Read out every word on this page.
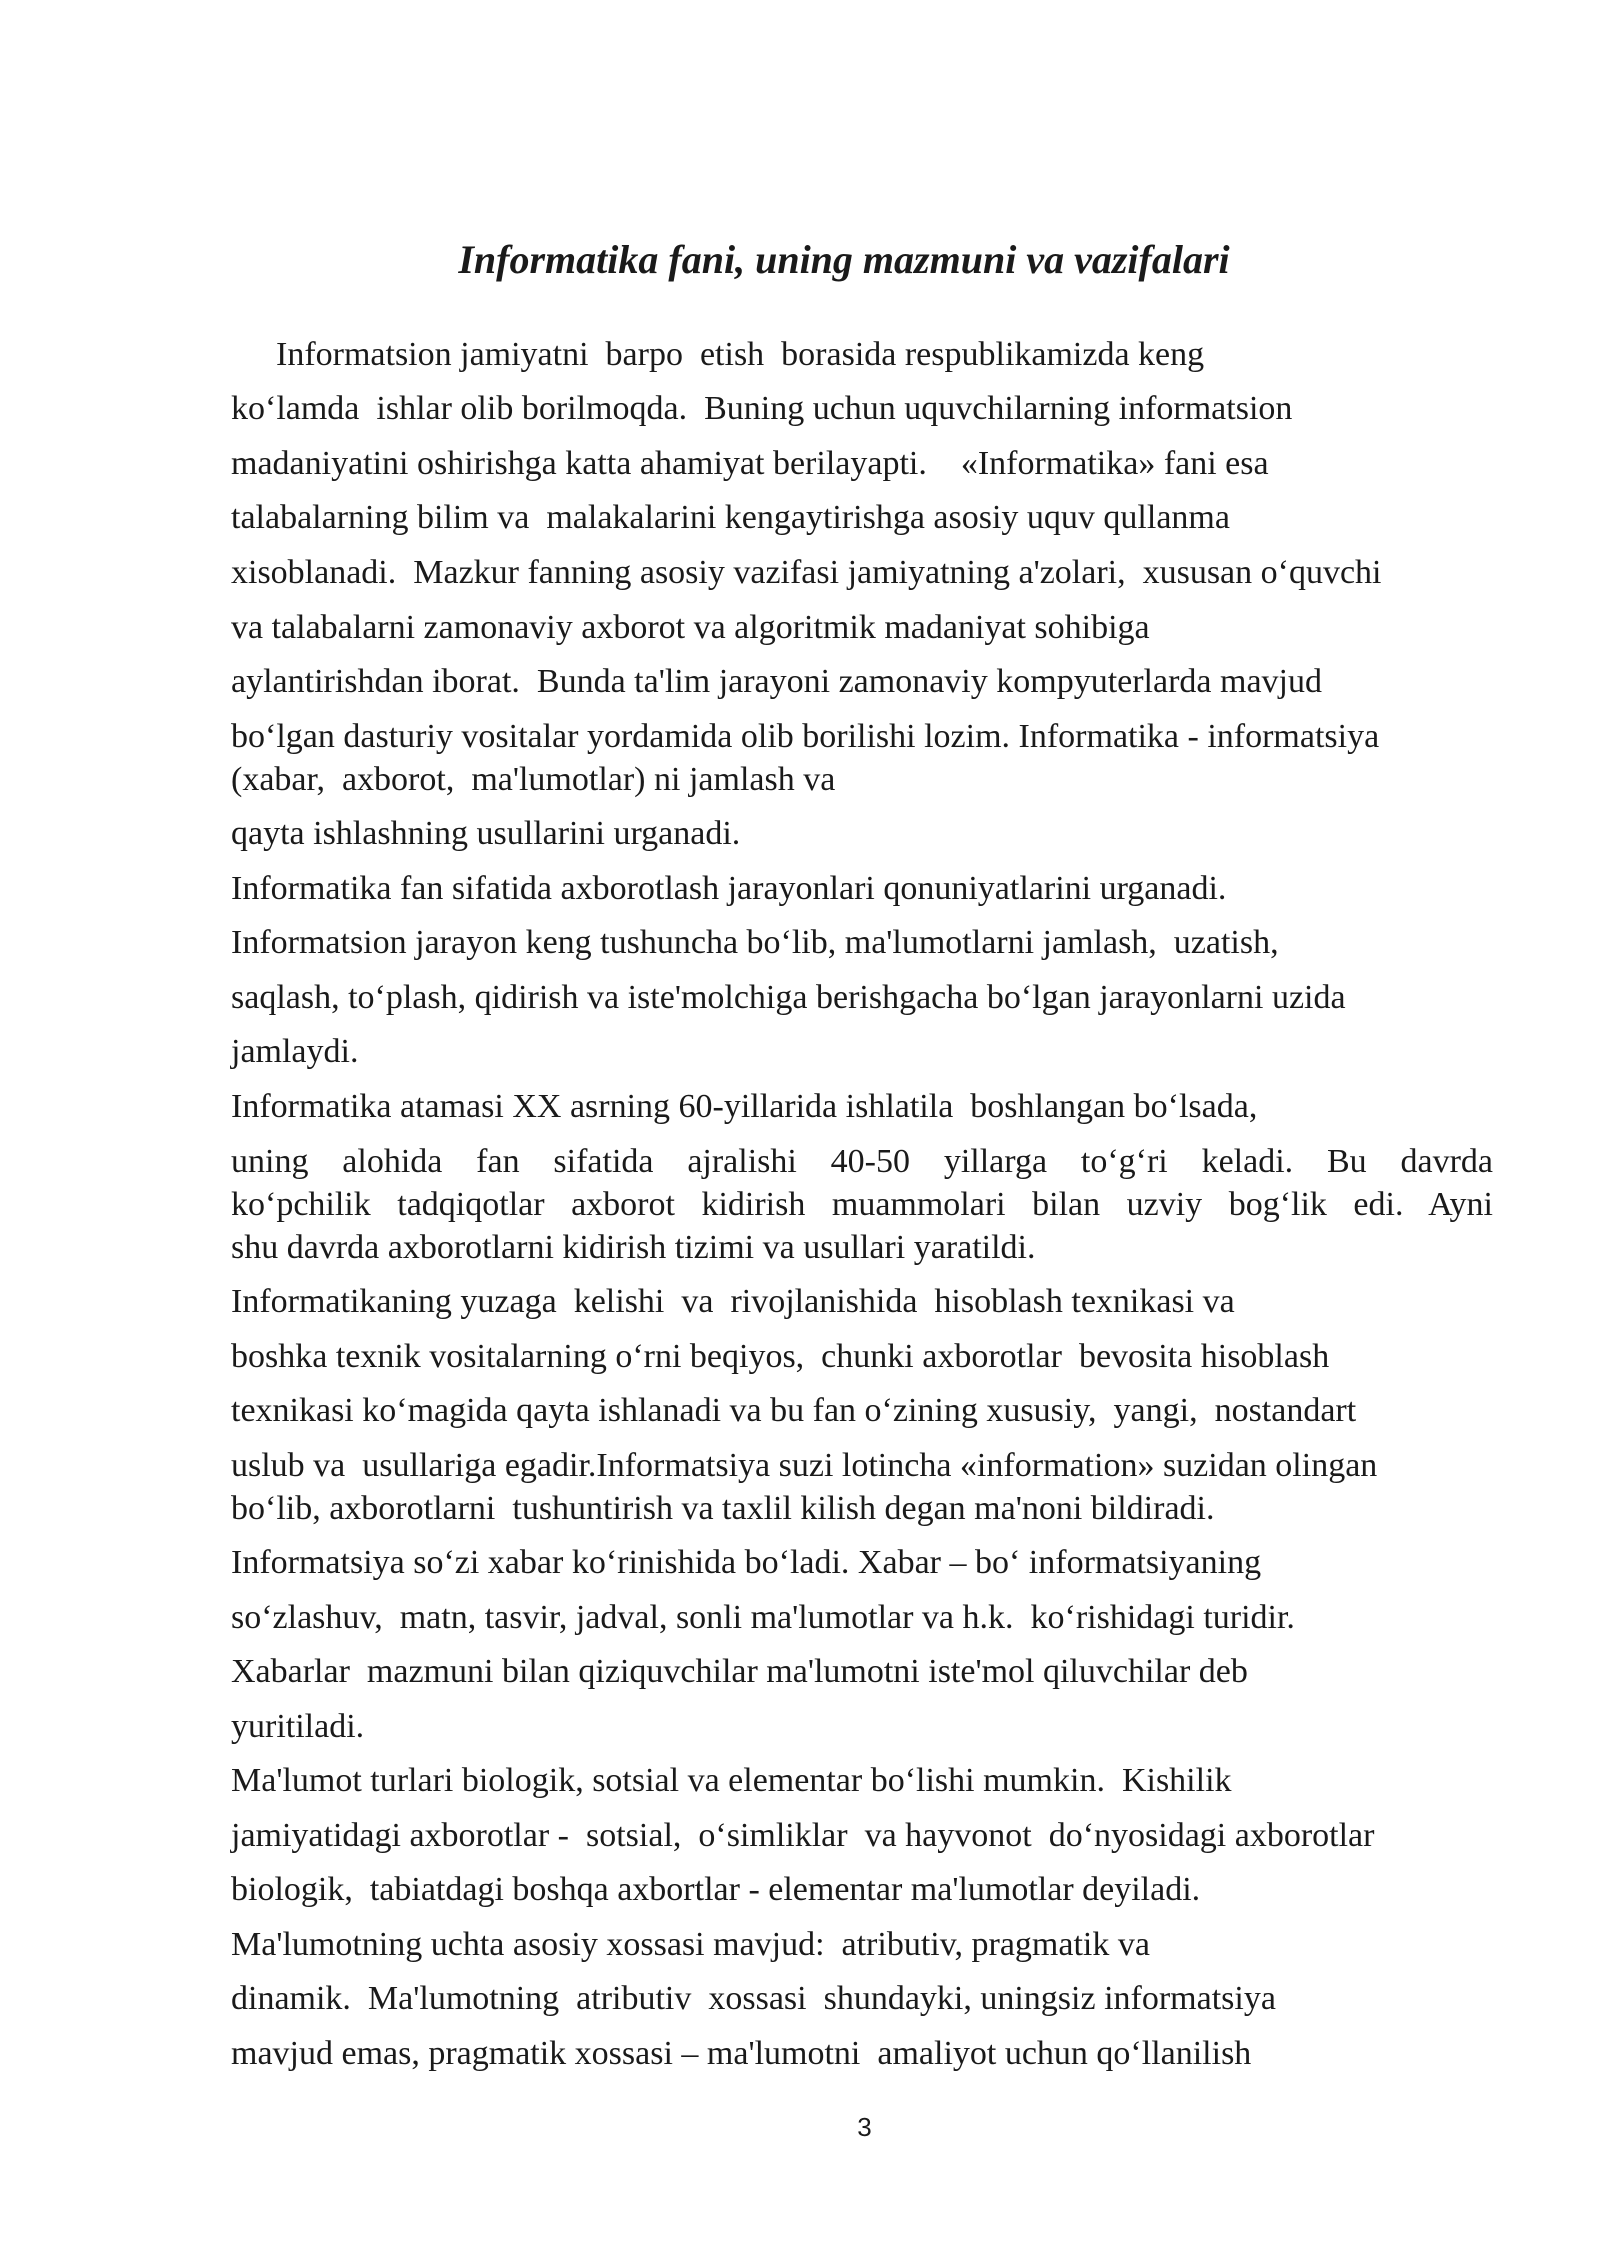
Informatika fani, uning mazmuni va vazifalari
Informatsion jamiyatni  barpo  etish  borasida respublikamizda keng
ko‘lamda  ishlar olib borilmoqda.  Buning uchun uquvchilarning informatsion
madaniyatini oshirishga katta ahamiyat berilayapti.    «Informatika» fani esa
talabalarning bilim va  malakalarini kengaytirishga asosiy uquv qullanma
xisoblanadi.  Mazkur fanning asosiy vazifasi jamiyatning a'zolari,  xususan o‘quvchi
va talabalarni zamonaviy axborot va algoritmik madaniyat sohibiga
aylantirishdan iborat.  Bunda ta'lim jarayoni zamonaviy kompyuterlarda mavjud
bo‘lgan dasturiy vositalar yordamida olib borilishi lozim. Informatika - informatsiya
(xabar,  axborot,  ma'lumotlar) ni jamlash va
qayta ishlashning usullarini urganadi.
Informatika fan sifatida axborotlash jarayonlari qonuniyatlarini urganadi.
Informatsion jarayon keng tushuncha bo‘lib, ma'lumotlarni jamlash,  uzatish,
saqlash, to‘plash, qidirish va iste'molchiga berishgacha bo‘lgan jarayonlarni uzida
jamlaydi.
Informatika atamasi XX asrning 60-yillarida ishlatila  boshlangan bo‘lsada,
uning alohida fan sifatida ajralishi 40-50 yillarga to‘g‘ri keladi. Bu davrda
ko‘pchilik tadqiqotlar axborot kidirish muammolari bilan uzviy bog‘lik edi. Ayni
shu davrda axborotlarni kidirish tizimi va usullari yaratildi.
Informatikaning yuzaga  kelishi  va  rivojlanishida  hisoblash texnikasi va
boshka texnik vositalarning o‘rni beqiyos,  chunki axborotlar  bevosita hisoblash
texnikasi ko‘magida qayta ishlanadi va bu fan o‘zining xususiy,  yangi,  nostandart
uslub va  usullariga egadir.Informatsiya suzi lotincha «information» suzidan olingan
bo‘lib, axborotlarni  tushuntirish va taxlil kilish degan ma'noni bildiradi.
Informatsiya so‘zi xabar ko‘rinishida bo‘ladi. Xabar – bo‘ informatsiyaning
so‘zlashuv,  matn, tasvir, jadval, sonli ma'lumotlar va h.k.  ko‘rishidagi turidir.
Xabarlar  mazmuni bilan qiziquvchilar ma'lumotni iste'mol qiluvchilar deb
yuritiladi.
Ma'lumot turlari biologik, sotsial va elementar bo‘lishi mumkin.  Kishilik
jamiyatidagi axborotlar -  sotsial,  o‘simliklar  va hayvonot  do‘nyosidagi axborotlar
biologik,  tabiatdagi boshqa axbortlar - elementar ma'lumotlar deyiladi.
Ma'lumotning uchta asosiy xossasi mavjud:  atributiv, pragmatik va
dinamik.  Ma'lumotning  atributiv  xossasi  shundayki, uningsiz informatsiya
mavjud emas, pragmatik xossasi – ma'lumotni  amaliyot uchun qo‘llanilish
3
